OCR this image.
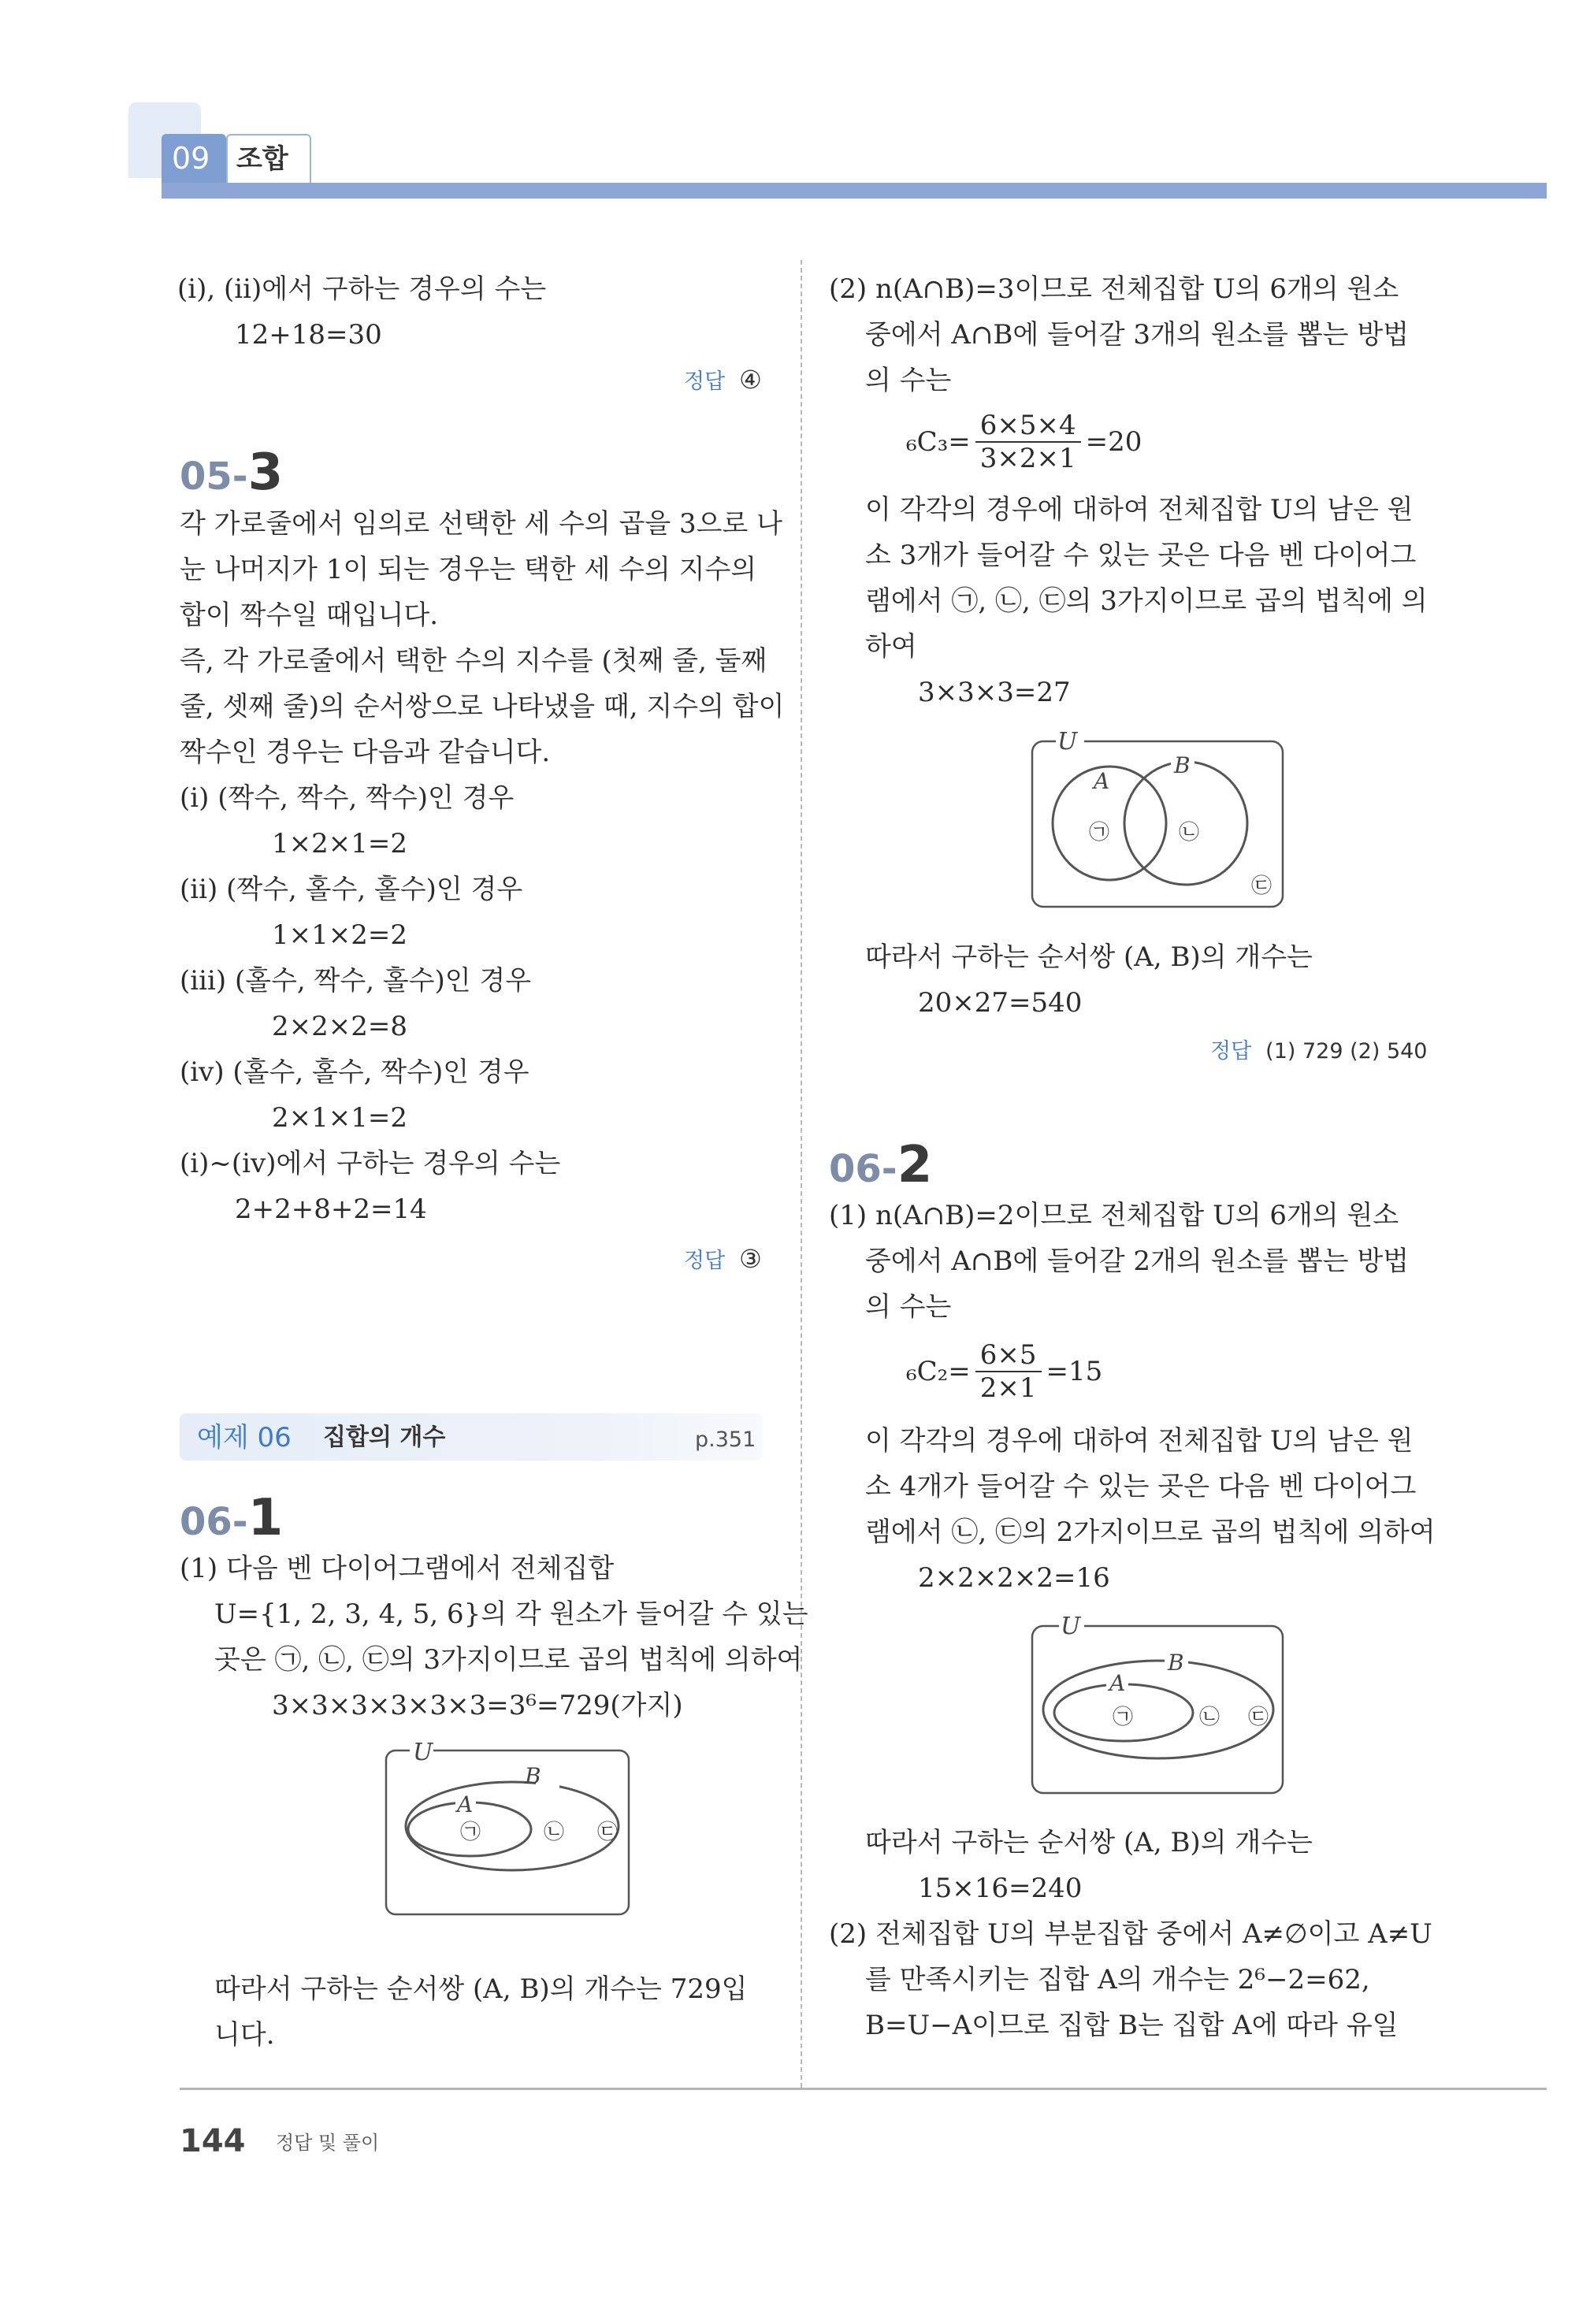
09 조합
(ⅰ), (ⅱ)에서 구하는 경우의 수는
12+18=30
정답 ④
05-3
각 가로줄에서 임의로 선택한 세 수의 곱을 3으로 나
눈 나머지가 1이 되는 경우는 택한 세 수의 지수의
합이 짝수일 때입니다.
즉, 각 가로줄에서 택한 수의 지수를 (첫째 줄, 둘째
줄, 셋째 줄)의 순서쌍으로 나타냈을 때, 지수의 합이
짝수인 경우는 다음과 같습니다.
(ⅰ) (짝수, 짝수, 짝수)인 경우
1×2×1=2
(ⅱ) (짝수, 홀수, 홀수)인 경우
1×1×2=2
(ⅲ) (홀수, 짝수, 홀수)인 경우
2×2×2=8
(ⅳ) (홀수, 홀수, 짝수)인 경우
2×1×1=2
(ⅰ)~(ⅳ)에서 구하는 경우의 수는
2+2+8+2=14
정답 ③
예제 06 집합의 개수	p.351
06-1
(1) 다음 벤 다이어그램에서 전체집합
U={1, 2, 3, 4, 5, 6}의 각 원소가 들어갈 수 있는
곳은 ㉠, ㉡, ㉢의 3가지이므로 곱의 법칙에 의하여
3×3×3×3×3×3=3⁶=729(가지)
U
B
A
㉠	㉡ ㉢
따라서 구하는 순서쌍 (A, B)의 개수는 729입
니다.
(2) n(A∩B)=3이므로 전체집합 U의 6개의 원소
중에서 A∩B에 들어갈 3개의 원소를 뽑는 방법
의 수는
$_6C_3= \frac{6\times 5\times 4}{3\times 2\times 1} =20$
이 각각의 경우에 대하여 전체집합 U의 남은 원
소 3개가 들어갈 수 있는 곳은 다음 벤 다이어그
램에서 ㉠, ㉡, ㉢의 3가지이므로 곱의 법칙에 의
하여
3×3×3=27
U
A
B
㉠	㉡
㉢
따라서 구하는 순서쌍 (A, B)의 개수는
20×27=540
정답 (1) 729 (2) 540
06-2
(1) n(A∩B)=2이므로 전체집합 U의 6개의 원소
중에서 A∩B에 들어갈 2개의 원소를 뽑는 방법
의 수는
$_6C_2= \frac{6\times 5}{2\times 1} =15$
이 각각의 경우에 대하여 전체집합 U의 남은 원
소 4개가 들어갈 수 있는 곳은 다음 벤 다이어그
램에서 ㉡, ㉢의 2가지이므로 곱의 법칙에 의하여
2×2×2×2=16
U
B
A
㉠	㉡ ㉢
따라서 구하는 순서쌍 (A, B)의 개수는
15×16=240
(2) 전체집합 U의 부분집합 중에서 A≠∅이고 A≠U
를 만족시키는 집합 A의 개수는 2⁶−2=62,
B=U−A이므로 집합 B는 집합 A에 따라 유일
144 정답 및 풀이
